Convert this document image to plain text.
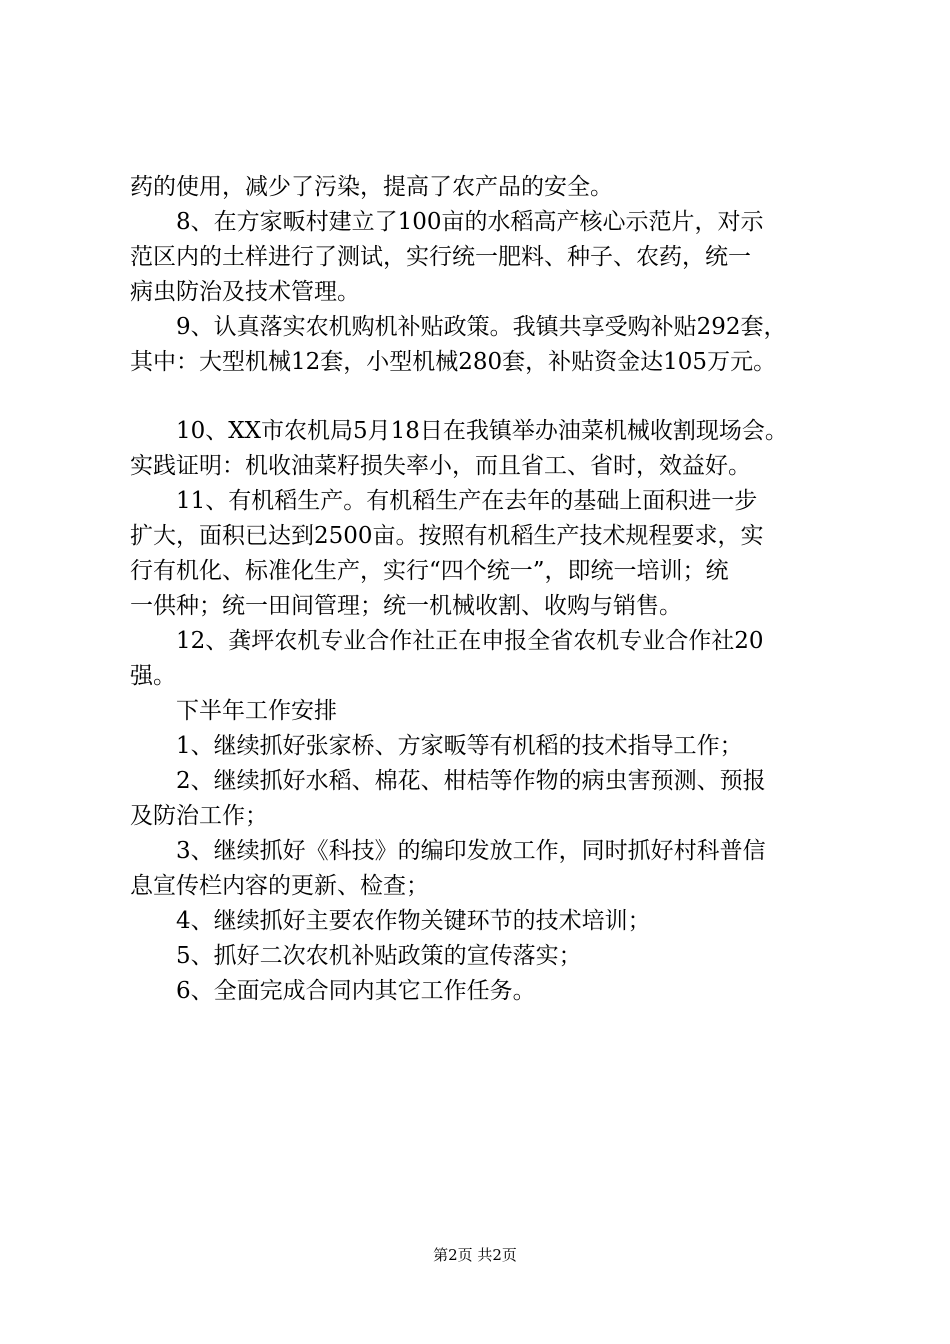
药的使用，减少了污染，提高了农产品的安全。

8、在方家畈村建立了100亩的水稻高产核心示范片，对示
范区内的土样进行了测试，实行统一肥料、种子、农药，统一
病虫防治及技术管理。

9、认真落实农机购机补贴政策。我镇共享受购补贴292套，
其中：大型机械12套，小型机械280套，补贴资金达105万元。

10、XX市农机局5月18日在我镇举办油菜机械收割现场会。
实践证明：机收油菜籽损失率小，而且省工、省时，效益好。

11、有机稻生产。有机稻生产在去年的基础上面积进一步
扩大，面积已达到2500亩。按照有机稻生产技术规程要求，实
行有机化、标准化生产，实行“四个统一”，即统一培训；统
一供种；统一田间管理；统一机械收割、收购与销售。

12、龚坪农机专业合作社正在申报全省农机专业合作社20
强。

下半年工作安排

1、继续抓好张家桥、方家畈等有机稻的技术指导工作；

2、继续抓好水稻、棉花、柑桔等作物的病虫害预测、预报
及防治工作；

3、继续抓好《科技》的编印发放工作，同时抓好村科普信
息宣传栏内容的更新、检查；

4、继续抓好主要农作物关键环节的技术培训；

5、抓好二次农机补贴政策的宣传落实；

6、全面完成合同内其它工作任务。

第2页 共2页
